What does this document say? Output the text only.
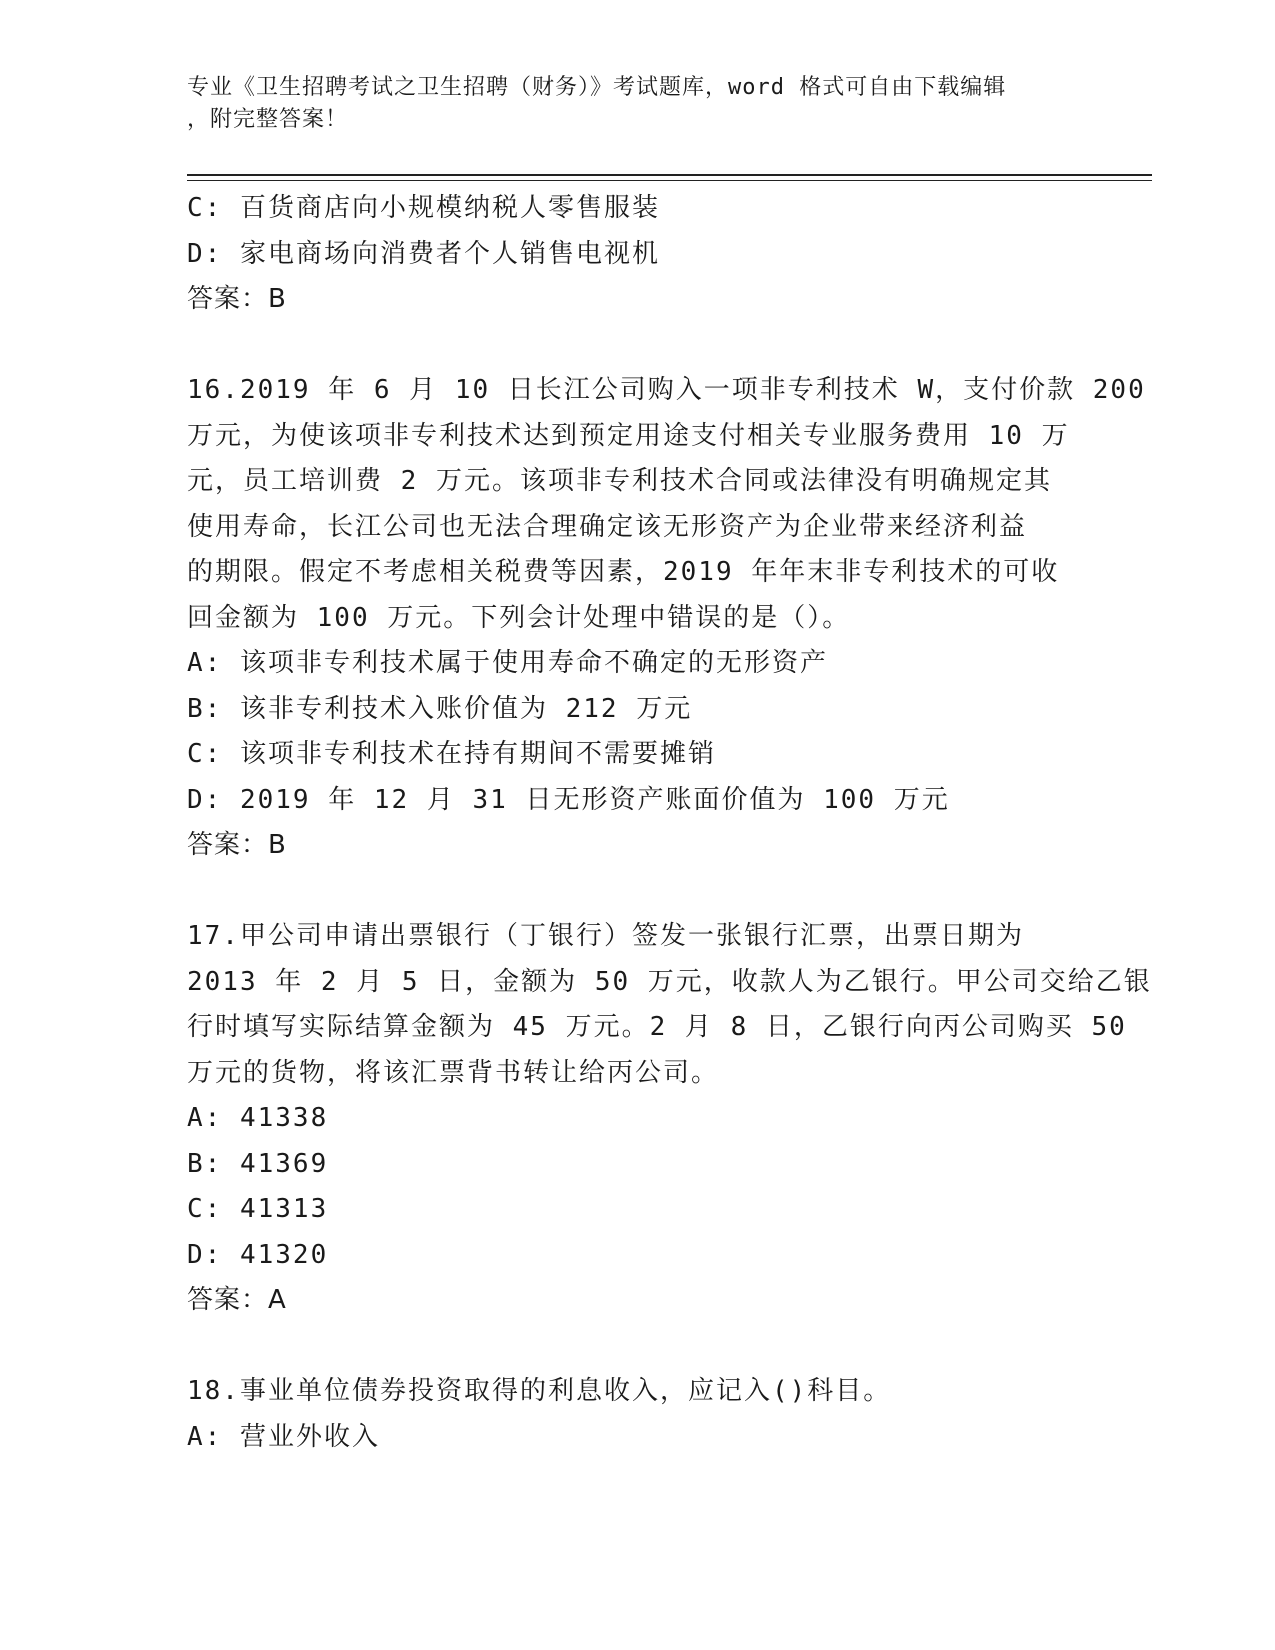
专业《卫生招聘考试之卫生招聘（财务）》考试题库，word 格式可自由下载编辑
，附完整答案！
C: 百货商店向小规模纳税人零售服装
D: 家电商场向消费者个人销售电视机
答案：B
16.2019 年 6 月 10 日长江公司购入一项非专利技术 W，支付价款 200
万元，为使该项非专利技术达到预定用途支付相关专业服务费用 10 万
元，员工培训费 2 万元。该项非专利技术合同或法律没有明确规定其
使用寿命，长江公司也无法合理确定该无形资产为企业带来经济利益
的期限。假定不考虑相关税费等因素，2019 年年末非专利技术的可收
回金额为 100 万元。下列会计处理中错误的是（）。
A: 该项非专利技术属于使用寿命不确定的无形资产
B: 该非专利技术入账价值为 212 万元
C: 该项非专利技术在持有期间不需要摊销
D: 2019 年 12 月 31 日无形资产账面价值为 100 万元
答案：B
17.甲公司申请出票银行（丁银行）签发一张银行汇票，出票日期为
2013 年 2 月 5 日，金额为 50 万元，收款人为乙银行。甲公司交给乙银
行时填写实际结算金额为 45 万元。2 月 8 日，乙银行向丙公司购买 50
万元的货物，将该汇票背书转让给丙公司。
A: 41338
B: 41369
C: 41313
D: 41320
答案：A
18.事业单位债券投资取得的利息收入，应记入()科目。
A: 营业外收入
